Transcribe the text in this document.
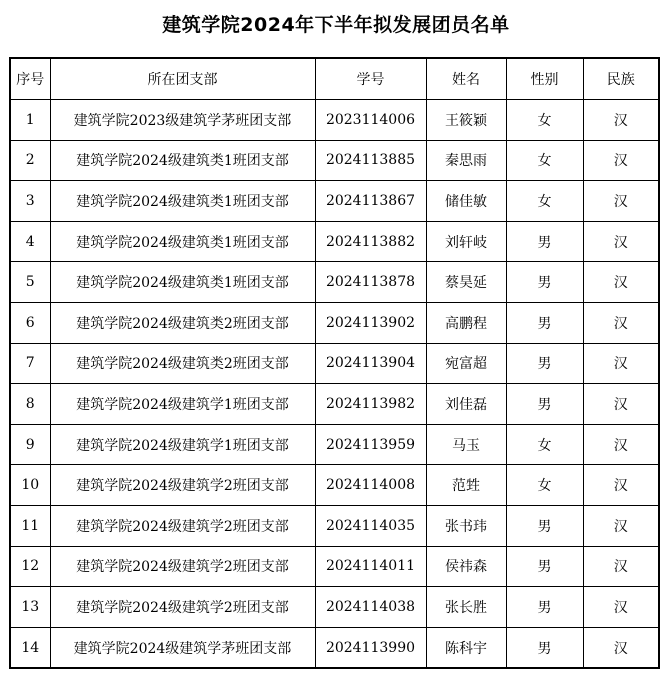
建筑学院2024年下半年拟发展团员名单
序号	所在团支部	学号	姓名	性别	民族
1	建筑学院2023级建筑学茅班团支部	2023114006	王筱颖	女	汉
2	建筑学院2024级建筑类1班团支部	2024113885	秦思雨	女	汉
3	建筑学院2024级建筑类1班团支部	2024113867	储佳敏	女	汉
4	建筑学院2024级建筑类1班团支部	2024113882	刘轩岐	男	汉
5	建筑学院2024级建筑类1班团支部	2024113878	蔡昊延	男	汉
6	建筑学院2024级建筑类2班团支部	2024113902	高鹏程	男	汉
7	建筑学院2024级建筑类2班团支部	2024113904	宛富超	男	汉
8	建筑学院2024级建筑学1班团支部	2024113982	刘佳磊	男	汉
9	建筑学院2024级建筑学1班团支部	2024113959	马玉	女	汉
10	建筑学院2024级建筑学2班团支部	2024114008	范甡	女	汉
11	建筑学院2024级建筑学2班团支部	2024114035	张书玮	男	汉
12	建筑学院2024级建筑学2班团支部	2024114011	侯祎森	男	汉
13	建筑学院2024级建筑学2班团支部	2024114038	张长胜	男	汉
14	建筑学院2024级建筑学茅班团支部	2024113990	陈科宇	男	汉
